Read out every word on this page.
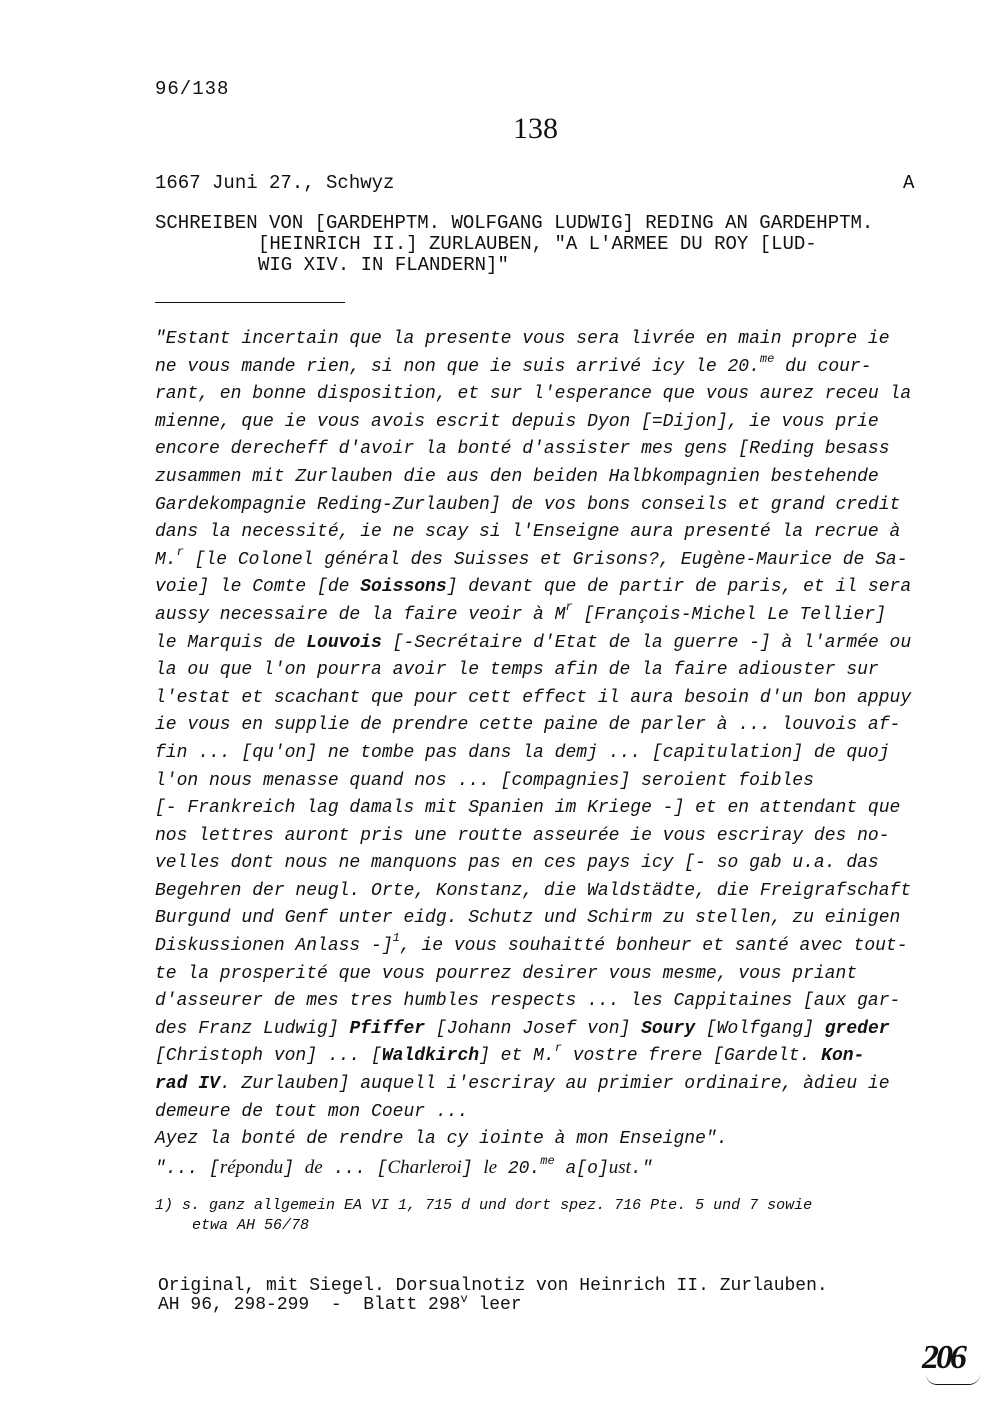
96/138
138
1667 Juni 27., Schwyz	A
SCHREIBEN VON [GARDEHPTM. WOLFGANG LUDWIG] REDING AN GARDEHPTM.
[HEINRICH II.] ZURLAUBEN, "A L'ARMEE DU ROY [LUD-
WIG XIV. IN FLANDERN]"
"Estant incertain que la presente vous sera livrée en main propre ie
ne vous mande rien, si non que ie suis arrivé icy le 20.$^{me}$ du cour-
rant, en bonne disposition, et sur l'esperance que vous aurez receu la
mienne, que ie vous avois escrit depuis Dyon [=Dijon], ie vous prie
encore derecheff d'avoir la bonté d'assister mes gens [Reding besass
zusammen mit Zurlauben die aus den beiden Halbkompagnien bestehende
Gardekompagnie Reding-Zurlauben] de vos bons conseils et grand credit
dans la necessité, ie ne scay si l'Enseigne aura presenté la recrue à
M.$^r$ [le Colonel général des Suisses et Grisons?, Eugène-Maurice de Sa-
voie] le Comte [de Soissons] devant que de partir de paris, et il sera
aussy necessaire de la faire veoir à $M^r$ [François-Michel Le Tellier]
le Marquis de Louvois [-Secrétaire d'Etat de la guerre -] à l'armée ou
la ou que l'on pourra avoir le temps afin de la faire adiouster sur
l'estat et scachant que pour cett effect il aura besoin d'un bon appuy
ie vous en supplie de prendre cette paine de parler à ... louvois af-
fin ... [qu'on] ne tombe pas dans la demj ... [capitulation] de quoj
l'on nous menasse quand nos ... [compagnies] seroient foibles
[- Frankreich lag damals mit Spanien im Kriege -] et en attendant que
nos lettres auront pris une routte asseurée ie vous escriray des no-
velles dont nous ne manquons pas en ces pays icy [- so gab u.a. das
Begehren der neugl. Orte, Konstanz, die Waldstädte, die Freigrafschaft
Burgund und Genf unter eidg. Schutz und Schirm zu stellen, zu einigen
Diskussionen Anlass -]$^1$, ie vous souhaitté bonheur et santé avec tout-
te la prosperité que vous pourrez desirer vous mesme, vous priant
d'asseurer de mes tres humbles respects ... les Cappitaines [aux gar-
des Franz Ludwig] Pfiffer [Johann Josef von] Soury [Wolfgang] greder
[Christoph von] ... [Waldkirch] et M.$^r$ vostre frere [Gardelt. Kon-
rad IV. Zurlauben] auquell i'escriray au primier ordinaire, àdieu ie
demeure de tout mon Coeur ...
Ayez la bonté de rendre la cy iointe à mon Enseigne".
"... [répondu] de ... [Charleroi] le 20.$^{me}$ a[o]ust."
1) s. ganz allgemein EA VI 1, 715 d und dort spez. 716 Pte. 5 und 7 sowie
etwa AH 56/78
Original, mit Siegel. Dorsualnotiz von Heinrich II. Zurlauben.
AH 96, 298-299  -  Blatt 298$^v$ leer
206
